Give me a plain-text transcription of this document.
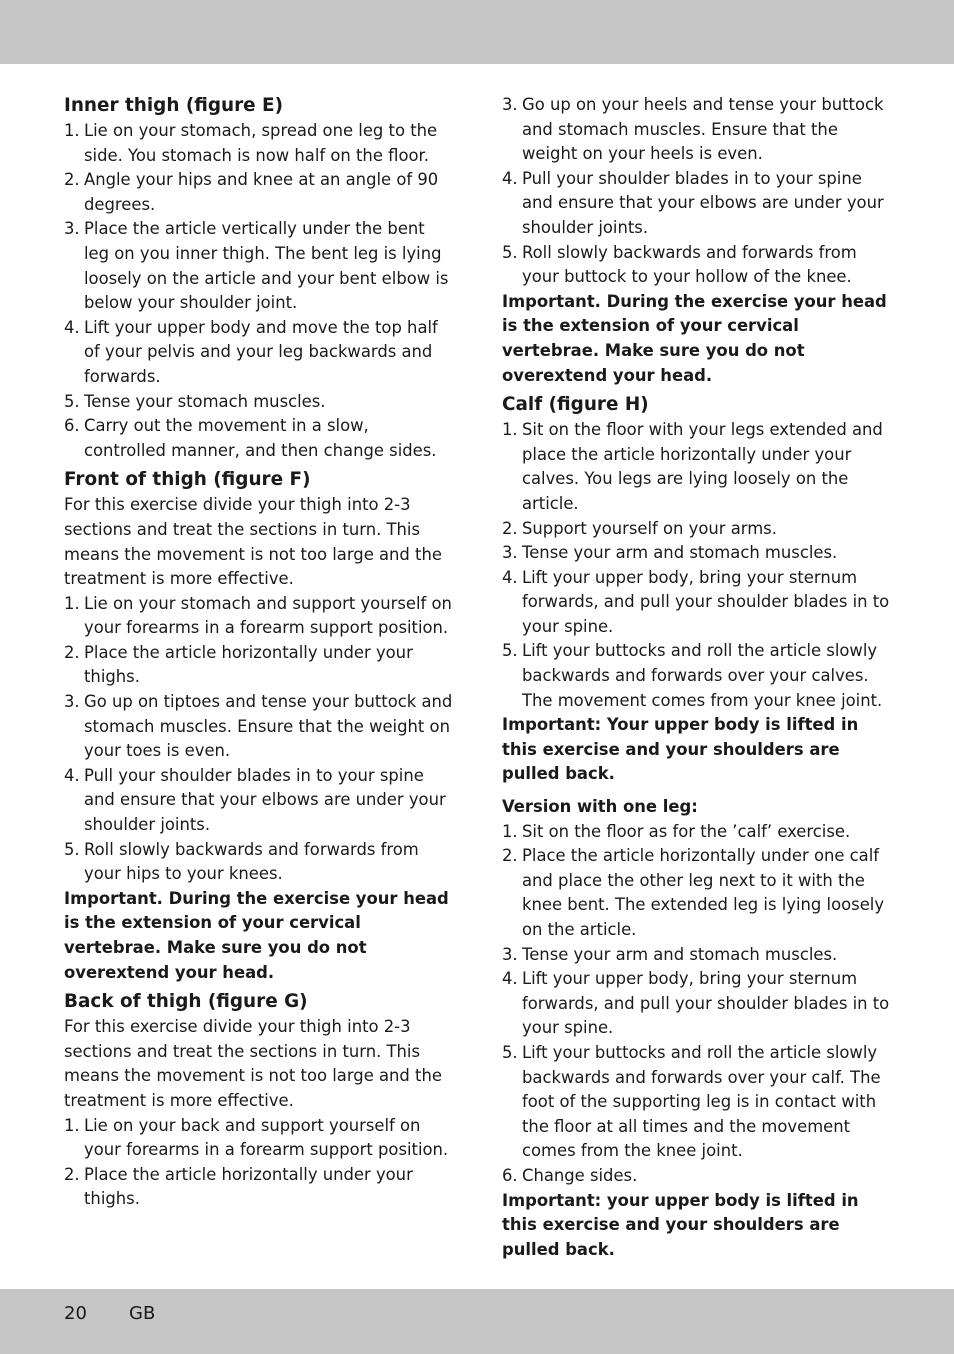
Inner thigh (figure E)
1. Lie on your stomach, spread one leg to the side. You stomach is now half on the floor.
2. Angle your hips and knee at an angle of 90 degrees.
3. Place the article vertically under the bent leg on you inner thigh. The bent leg is lying loosely on the article and your bent elbow is below your shoulder joint.
4. Lift your upper body and move the top half of your pelvis and your leg backwards and forwards.
5. Tense your stomach muscles.
6. Carry out the movement in a slow, controlled manner, and then change sides.
Front of thigh (figure F)

For this exercise divide your thigh into 2-3 sections and treat the sections in turn. This means the movement is not too large and the treatment is more effective.

1. Lie on your stomach and support yourself on your forearms in a forearm support position.
2. Place the article horizontally under your thighs.
3. Go up on tiptoes and tense your buttock and stomach muscles. Ensure that the weight on your toes is even.
4. Pull your shoulder blades in to your spine and ensure that your elbows are under your shoulder joints.
5. Roll slowly backwards and forwards from your hips to your knees.

Important. During the exercise your head is the extension of your cervical vertebrae. Make sure you do not overextend your head.

Back of thigh (figure G)

For this exercise divide your thigh into 2-3 sections and treat the sections in turn. This means the movement is not too large and the treatment is more effective.

1. Lie on your back and support yourself on your forearms in a forearm support position.
2. Place the article horizontally under your thighs.
3. Go up on your heels and tense your buttock and stomach muscles. Ensure that the weight on your heels is even.
4. Pull your shoulder blades in to your spine and ensure that your elbows are under your shoulder joints.
5. Roll slowly backwards and forwards from your buttock to your hollow of the knee.

Important. During the exercise your head is the extension of your cervical vertebrae. Make sure you do not overextend your head.

Calf (figure H)
1. Sit on the floor with your legs extended and place the article horizontally under your calves. You legs are lying loosely on the article.
2. Support yourself on your arms.
3. Tense your arm and stomach muscles.
4. Lift your upper body, bring your sternum forwards, and pull your shoulder blades in to your spine.
5. Lift your buttocks and roll the article slowly backwards and forwards over your calves. The movement comes from your knee joint.

Important: Your upper body is lifted in this exercise and your shoulders are pulled back.

Version with one leg:
1. Sit on the floor as for the ’calf’ exercise.
2. Place the article horizontally under one calf and place the other leg next to it with the knee bent. The extended leg is lying loosely on the article.
3. Tense your arm and stomach muscles.
4. Lift your upper body, bring your sternum forwards, and pull your shoulder blades in to your spine.
5. Lift your buttocks and roll the article slowly backwards and forwards over your calf. The foot of the supporting leg is in contact with the floor at all times and the movement comes from the knee joint.
6. Change sides.

Important: your upper body is lifted in this exercise and your shoulders are pulled back.

20 GB
